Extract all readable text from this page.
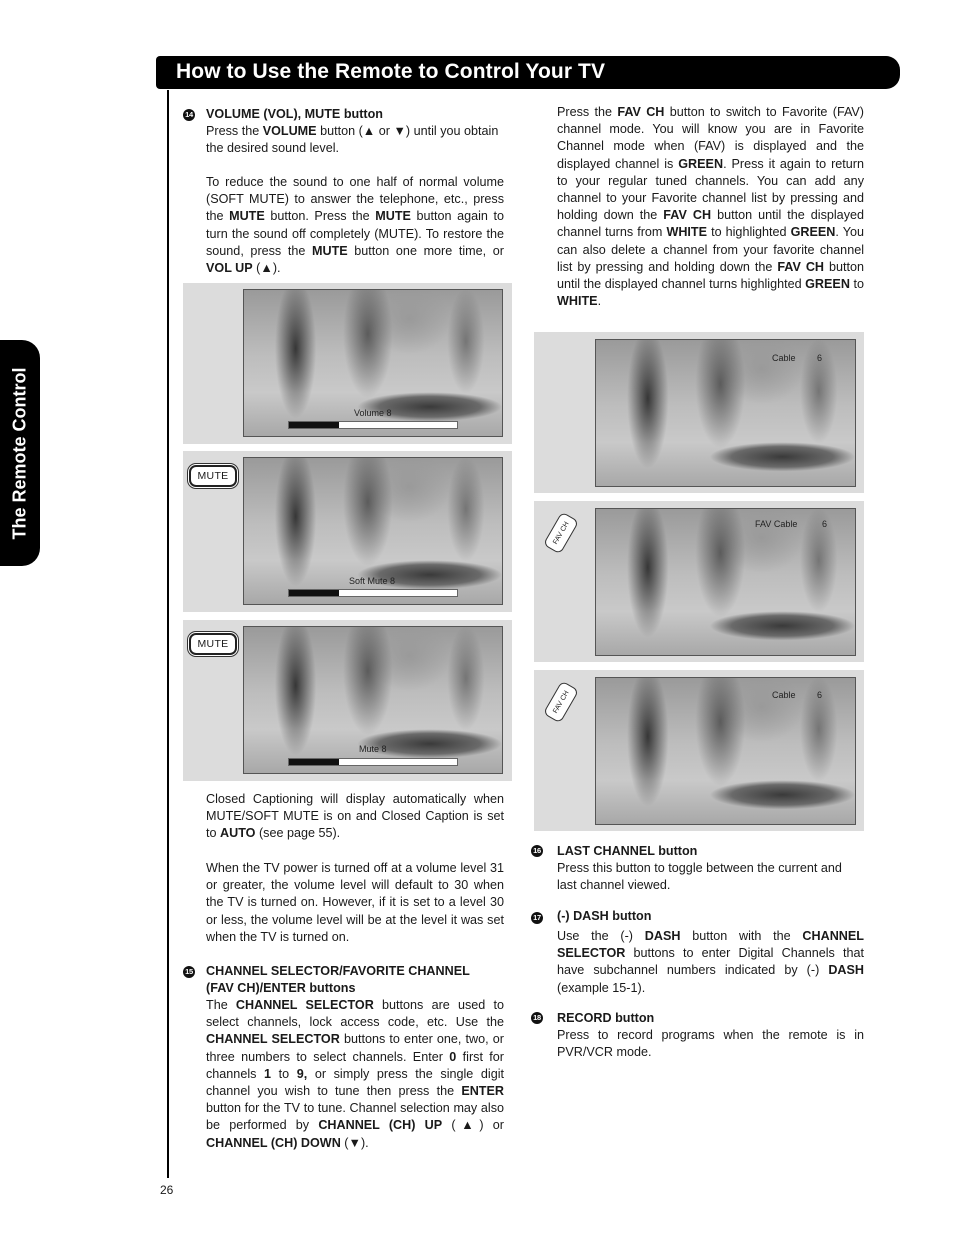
How to Use the Remote to Control Your TV
The Remote Control
26
14 VOLUME (VOL), MUTE button
Press the VOLUME button (▲ or ▼) until you obtain the desired sound level.
To reduce the sound to one half of normal volume (SOFT MUTE) to answer the telephone, etc., press the MUTE button. Press the MUTE button again to turn the sound off completely (MUTE). To restore the sound, press the MUTE button one more time, or VOL UP (▲).
Volume 8
MUTE
Soft Mute 8
MUTE
Mute 8
Closed Captioning will display automatically when MUTE/SOFT MUTE is on and Closed Caption is set to AUTO (see page 55).
When the TV power is turned off at a volume level 31 or greater, the volume level will default to 30 when the TV is turned on. However, if it is set to a level 30 or less, the volume level will be at the level it was set when the TV is turned on.
15 CHANNEL SELECTOR/FAVORITE CHANNEL
(FAV CH)/ENTER buttons
The CHANNEL SELECTOR buttons are used to select channels, lock access code, etc. Use the CHANNEL SELECTOR buttons to enter one, two, or three numbers to select channels. Enter 0 first for channels 1 to 9, or simply press the single digit channel you wish to tune then press the ENTER button for the TV to tune. Channel selection may also be performed by CHANNEL (CH) UP (▲) or CHANNEL (CH) DOWN (▼).
Press the FAV CH button to switch to Favorite (FAV) channel mode. You will know you are in Favorite Channel mode when (FAV) is displayed and the displayed channel is GREEN. Press it again to return to your regular tuned channels. You can add any channel to your Favorite channel list by pressing and holding down the FAV CH button until the displayed channel turns from WHITE to highlighted GREEN. You can also delete a channel from your favorite channel list by pressing and holding down the FAV CH button until the displayed channel turns highlighted GREEN to WHITE.
Cable 6
FAV CH	FAV Cable	6
FAV CH	Cable 6
16 LAST CHANNEL button
Press this button to toggle between the current and last channel viewed.
17 (-) DASH button
Use the (-) DASH button with the CHANNEL SELECTOR buttons to enter Digital Channels that have subchannel numbers indicated by (-) DASH (example 15-1).
18 RECORD button
Press to record programs when the remote is in PVR/VCR mode.
